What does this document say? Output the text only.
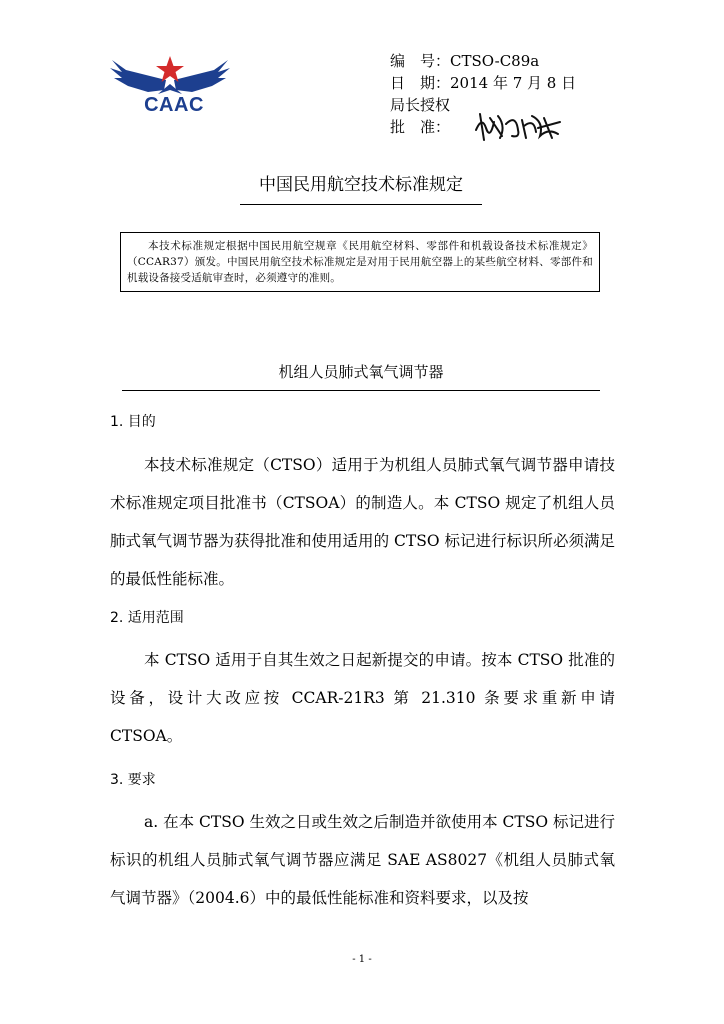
CAAC
编　号：CTSO-C89a
日　期：2014 年 7 月 8 日
局长授权
批　准：
中国民用航空技术标准规定
本技术标准规定根据中国民用航空规章《民用航空材料、零部件和机载设备技术标准规定》（CCAR37）颁发。中国民用航空技术标准规定是对用于民用航空器上的某些航空材料、零部件和机载设备接受适航审查时，必须遵守的准则。
机组人员肺式氧气调节器
1. 目的
本技术标准规定（CTSO）适用于为机组人员肺式氧气调节器申请技术标准规定项目批准书（CTSOA）的制造人。本 CTSO 规定了机组人员肺式氧气调节器为获得批准和使用适用的 CTSO 标记进行标识所必须满足的最低性能标准。
2. 适用范围
本 CTSO 适用于自其生效之日起新提交的申请。按本 CTSO 批准的设备，设计大改应按 CCAR-21R3 第 21.310 条要求重新申请 CTSOA。
3. 要求
a. 在本 CTSO 生效之日或生效之后制造并欲使用本 CTSO 标记进行标识的机组人员肺式氧气调节器应满足 SAE AS8027《机组人员肺式氧气调节器》（2004.6）中的最低性能标准和资料要求，以及按
- 1 -
